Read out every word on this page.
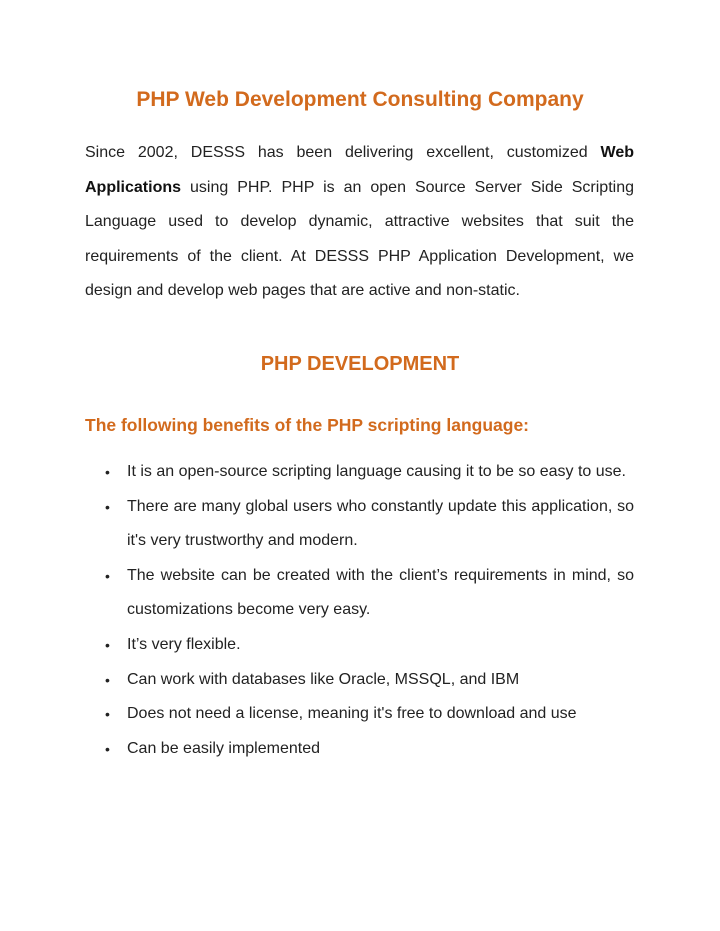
PHP Web Development Consulting Company

Since 2002, DESSS has been delivering excellent, customized Web Applications using PHP. PHP is an open Source Server Side Scripting Language used to develop dynamic, attractive websites that suit the requirements of the client. At DESSS PHP Application Development, we design and develop web pages that are active and non-static.

PHP DEVELOPMENT
The following benefits of the PHP scripting language:
•	It is an open-source scripting language causing it to be so easy to use.
•	There are many global users who constantly update this application, so it's very trustworthy and modern.
•	The website can be created with the client’s requirements in mind, so customizations become very easy.
•	It’s very flexible.
•	Can work with databases like Oracle, MSSQL, and IBM
•	Does not need a license, meaning it's free to download and use
•	Can be easily implemented
